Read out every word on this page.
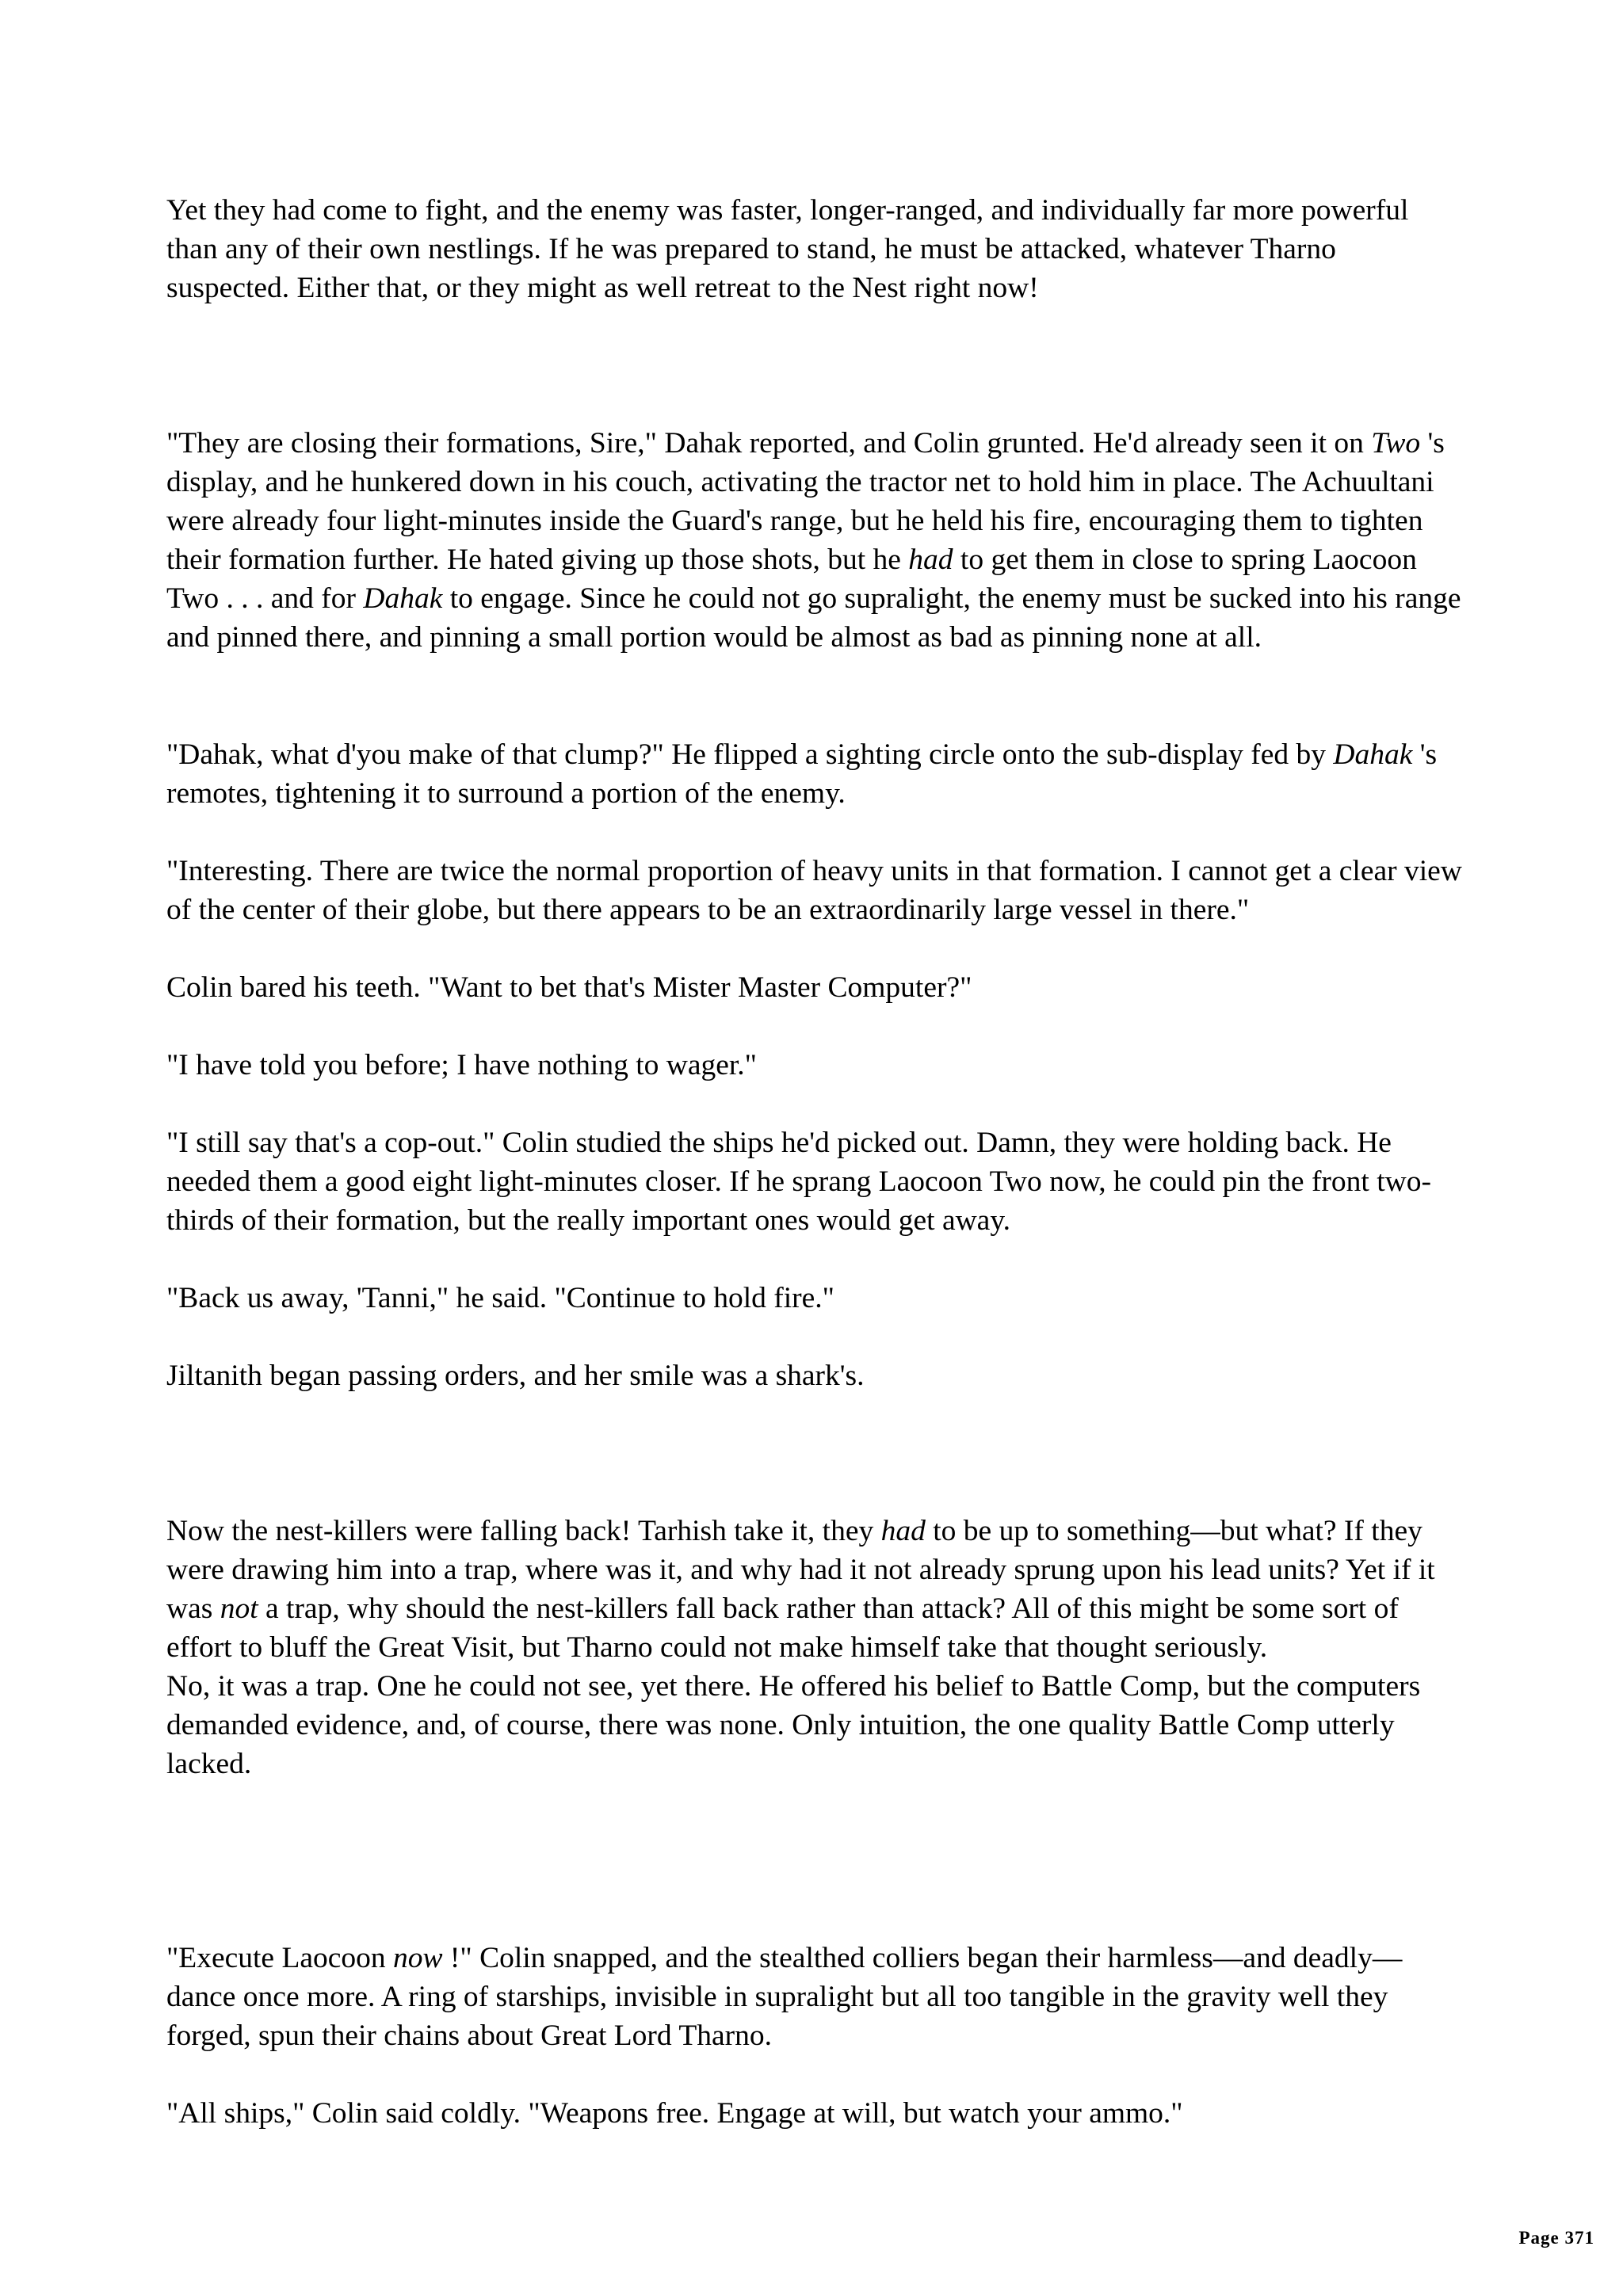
Yet they had come to fight, and the enemy was faster, longer-ranged, and individually far more powerful than any of their own nestlings. If he was prepared to stand, he must be attacked, whatever Tharno suspected. Either that, or they might as well retreat to the Nest right now!

"They are closing their formations, Sire," Dahak reported, and Colin grunted. He'd already seen it on Two 's display, and he hunkered down in his couch, activating the tractor net to hold him in place. The Achuultani were already four light-minutes inside the Guard's range, but he held his fire, encouraging them to tighten their formation further. He hated giving up those shots, but he had to get them in close to spring Laocoon Two . . . and for Dahak to engage. Since he could not go supralight, the enemy must be sucked into his range and pinned there, and pinning a small portion would be almost as bad as pinning none at all.

"Dahak, what d'you make of that clump?" He flipped a sighting circle onto the sub-display fed by Dahak 's remotes, tightening it to surround a portion of the enemy.

"Interesting. There are twice the normal proportion of heavy units in that formation. I cannot get a clear view of the center of their globe, but there appears to be an extraordinarily large vessel in there."

Colin bared his teeth. "Want to bet that's Mister Master Computer?"

"I have told you before; I have nothing to wager."

"I still say that's a cop-out." Colin studied the ships he'd picked out. Damn, they were holding back. He needed them a good eight light-minutes closer. If he sprang Laocoon Two now, he could pin the front two-thirds of their formation, but the really important ones would get away.

"Back us away, 'Tanni," he said. "Continue to hold fire."

Jiltanith began passing orders, and her smile was a shark's.

Now the nest-killers were falling back! Tarhish take it, they had to be up to something—but what? If they were drawing him into a trap, where was it, and why had it not already sprung upon his lead units? Yet if it was not a trap, why should the nest-killers fall back rather than attack? All of this might be some sort of effort to bluff the Great Visit, but Tharno could not make himself take that thought seriously.

No, it was a trap. One he could not see, yet there. He offered his belief to Battle Comp, but the computers demanded evidence, and, of course, there was none. Only intuition, the one quality Battle Comp utterly lacked.

"Execute Laocoon now !" Colin snapped, and the stealthed colliers began their harmless—and deadly—dance once more. A ring of starships, invisible in supralight but all too tangible in the gravity well they forged, spun their chains about Great Lord Tharno.

"All ships," Colin said coldly. "Weapons free. Engage at will, but watch your ammo."

Page 371
